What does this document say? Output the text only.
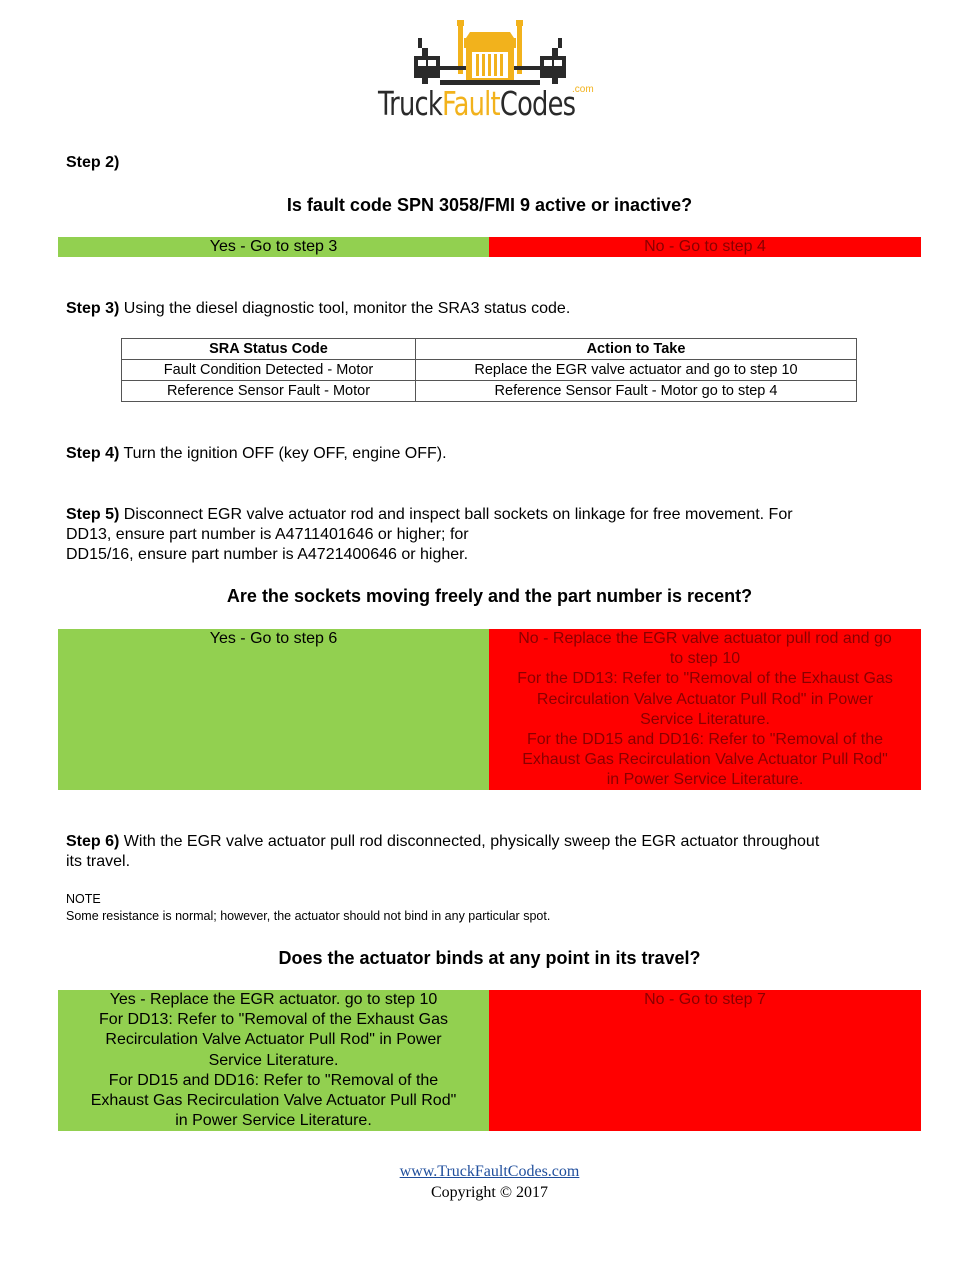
TruckFaultCodes
.com
Step 2)
Is fault code SPN 3058/FMI 9 active or inactive?
Yes - Go to step 3	No - Go to step 4
Step 3) Using the diesel diagnostic tool, monitor the SRA3 status code.
SRA Status Code	Action to Take
Fault Condition Detected - Motor	Replace the EGR valve actuator and go to step 10
Reference Sensor Fault - Motor	Reference Sensor Fault - Motor go to step 4
Step 4) Turn the ignition OFF (key OFF, engine OFF).
Step 5) Disconnect EGR valve actuator rod and inspect ball sockets on linkage for free movement. For
DD13, ensure part number is A4711401646 or higher; for
DD15/16, ensure part number is A4721400646 or higher.
Are the sockets moving freely and the part number is recent?
Yes - Go to step 6	No - Replace the EGR valve actuator pull rod and go
to step 10
For the DD13: Refer to "Removal of the Exhaust Gas
Recirculation Valve Actuator Pull Rod" in Power
Service Literature.
For the DD15 and DD16: Refer to "Removal of the
Exhaust Gas Recirculation Valve Actuator Pull Rod"
in Power Service Literature.
Step 6) With the EGR valve actuator pull rod disconnected, physically sweep the EGR actuator throughout
its travel.
NOTE
Some resistance is normal; however, the actuator should not bind in any particular spot.
Does the actuator binds at any point in its travel?
Yes - Replace the EGR actuator. go to step 10
For DD13: Refer to "Removal of the Exhaust Gas
Recirculation Valve Actuator Pull Rod" in Power
Service Literature.
For DD15 and DD16: Refer to "Removal of the
Exhaust Gas Recirculation Valve Actuator Pull Rod"
in Power Service Literature.
No - Go to step 7
www.TruckFaultCodes.com
Copyright © 2017
